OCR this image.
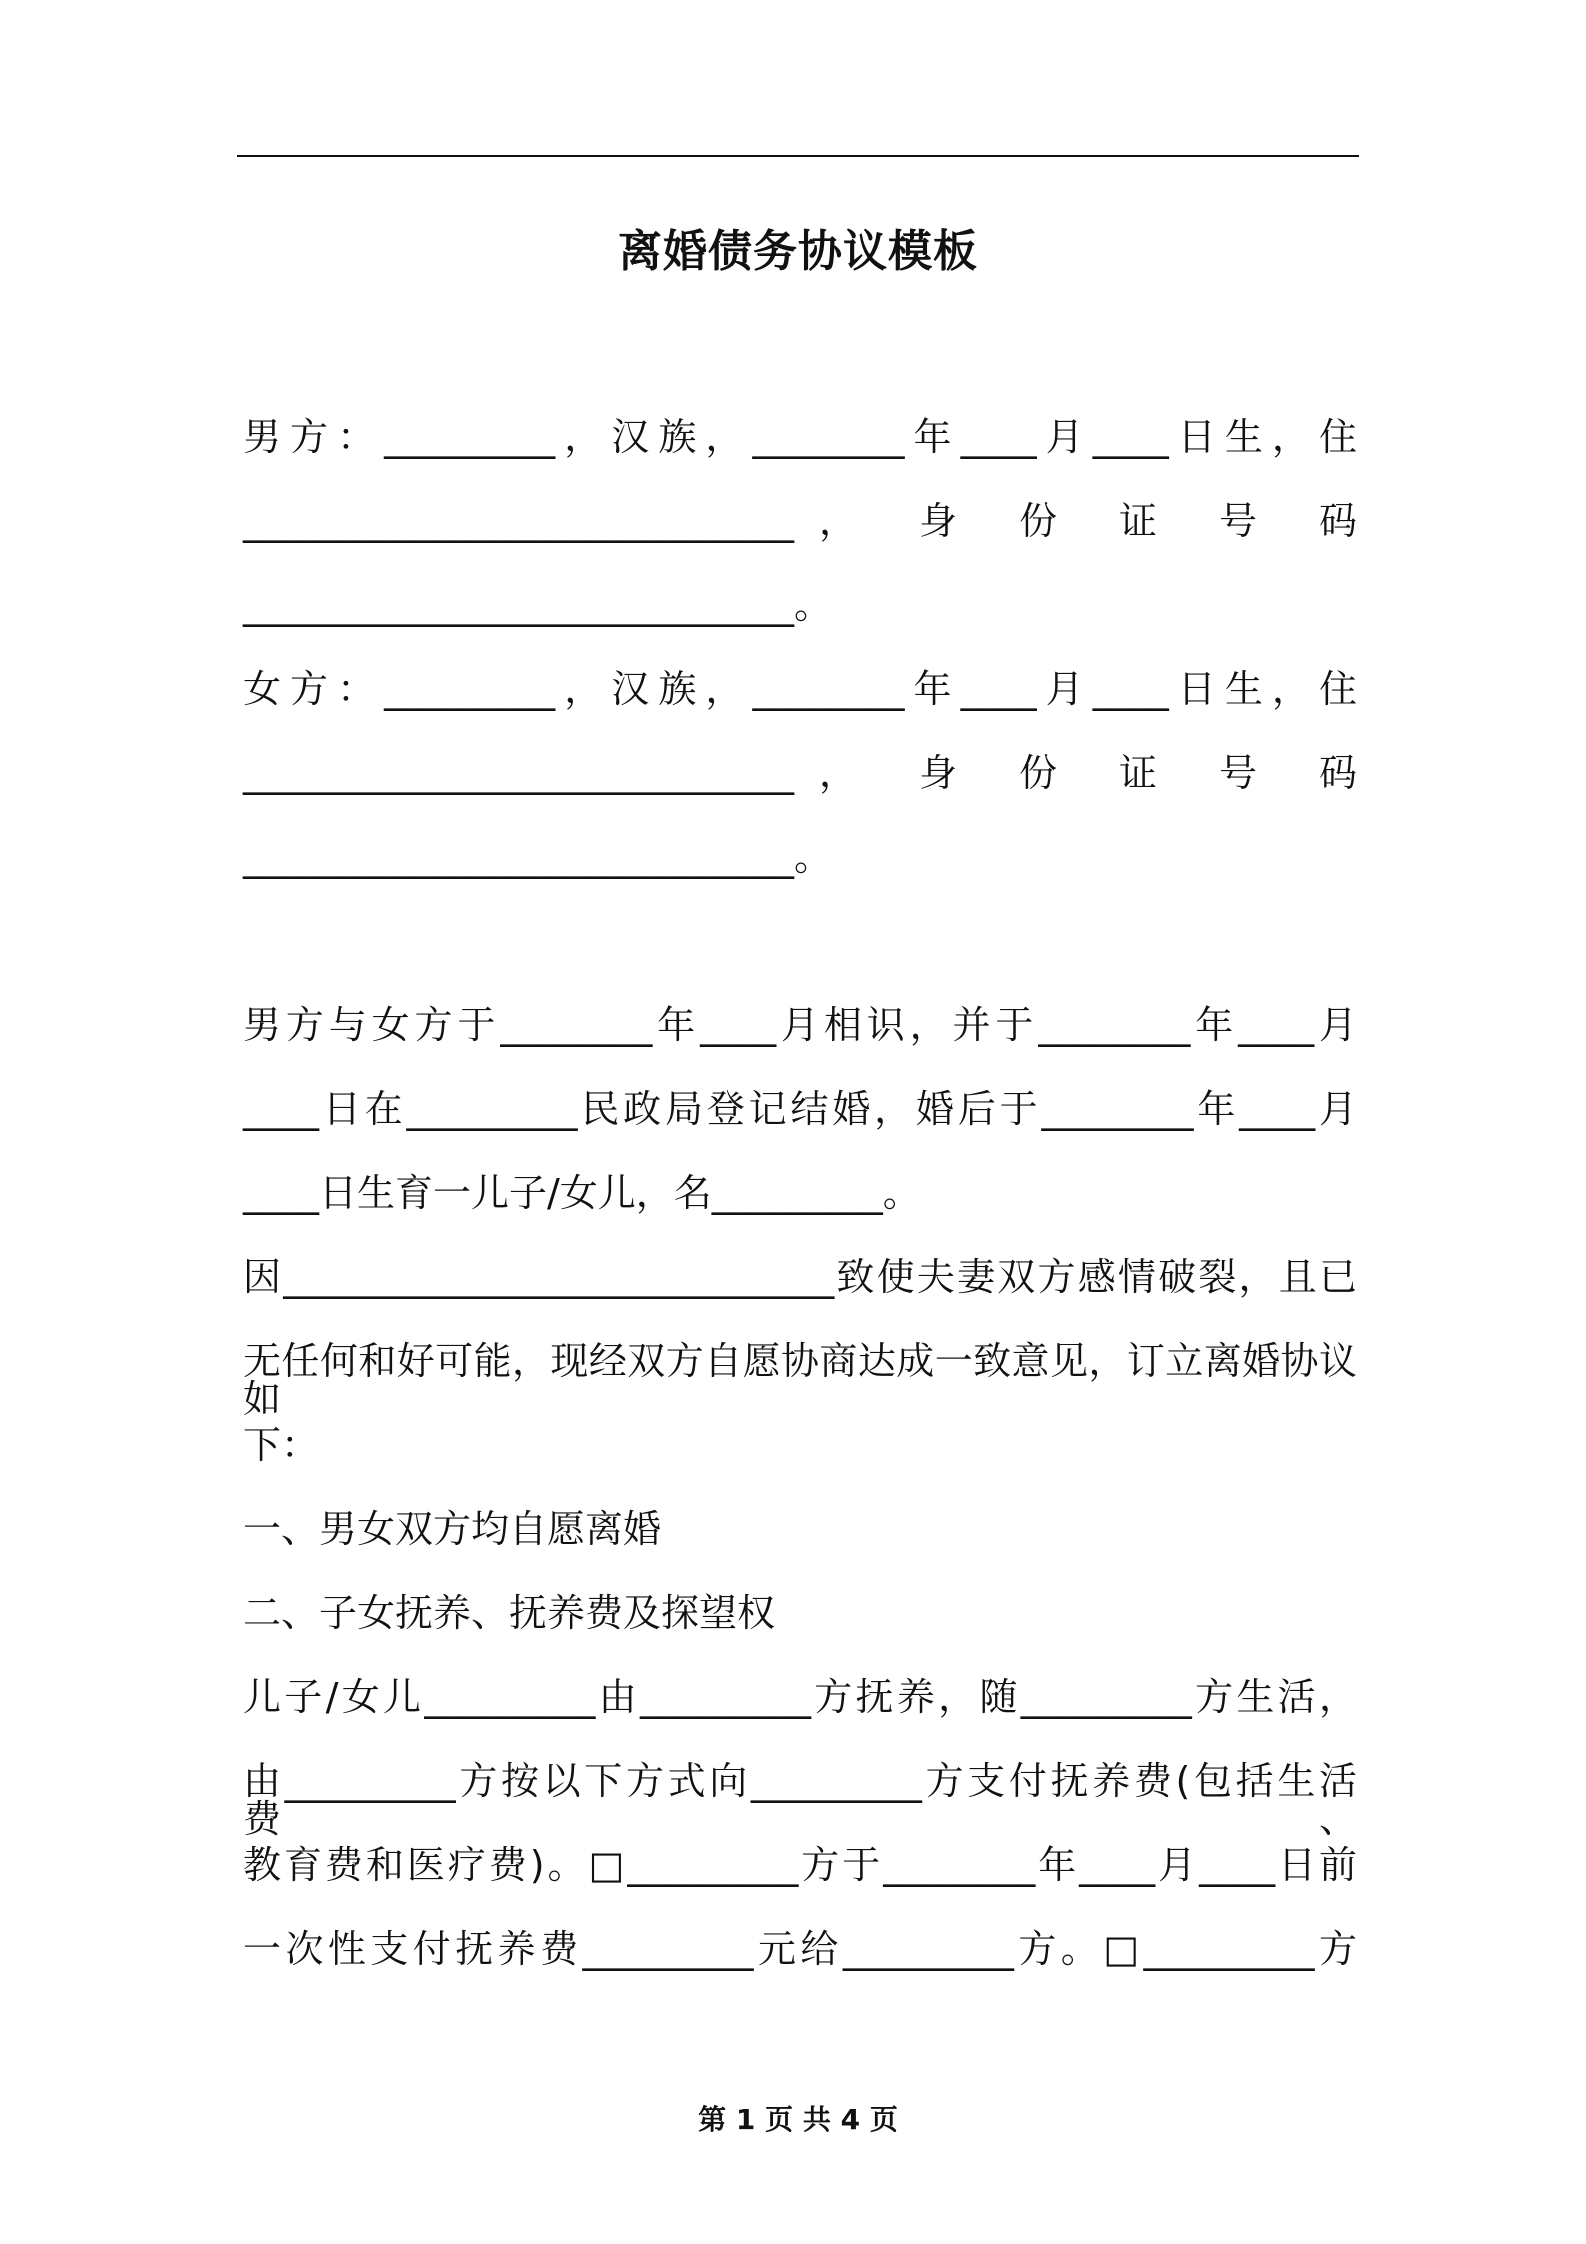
离婚债务协议模板
男方：_________，汉族，________年____月____日生，住
_____________________________， 身 份 证 号 码
_____________________________。
女方：_________，汉族，________年____月____日生，住
_____________________________， 身 份 证 号 码
_____________________________。
男方与女方于________年____月相识，并于________年____月
____日在_________民政局登记结婚，婚后于________年____月
____日生育一儿子/女儿，名_________。
因_____________________________致使夫妻双方感情破裂，且已
无任何和好可能，现经双方自愿协商达成一致意见，订立离婚协议如
下：
一、男女双方均自愿离婚
二、子女抚养、抚养费及探望权
儿子/女儿_________由_________方抚养，随_________方生活，
由_________方按以下方式向_________方支付抚养费(包括生活费、
教育费和医疗费)。□_________方于________年____月____日前
一次性支付抚养费_________元给_________方。□_________方
第 1 页 共 4 页
